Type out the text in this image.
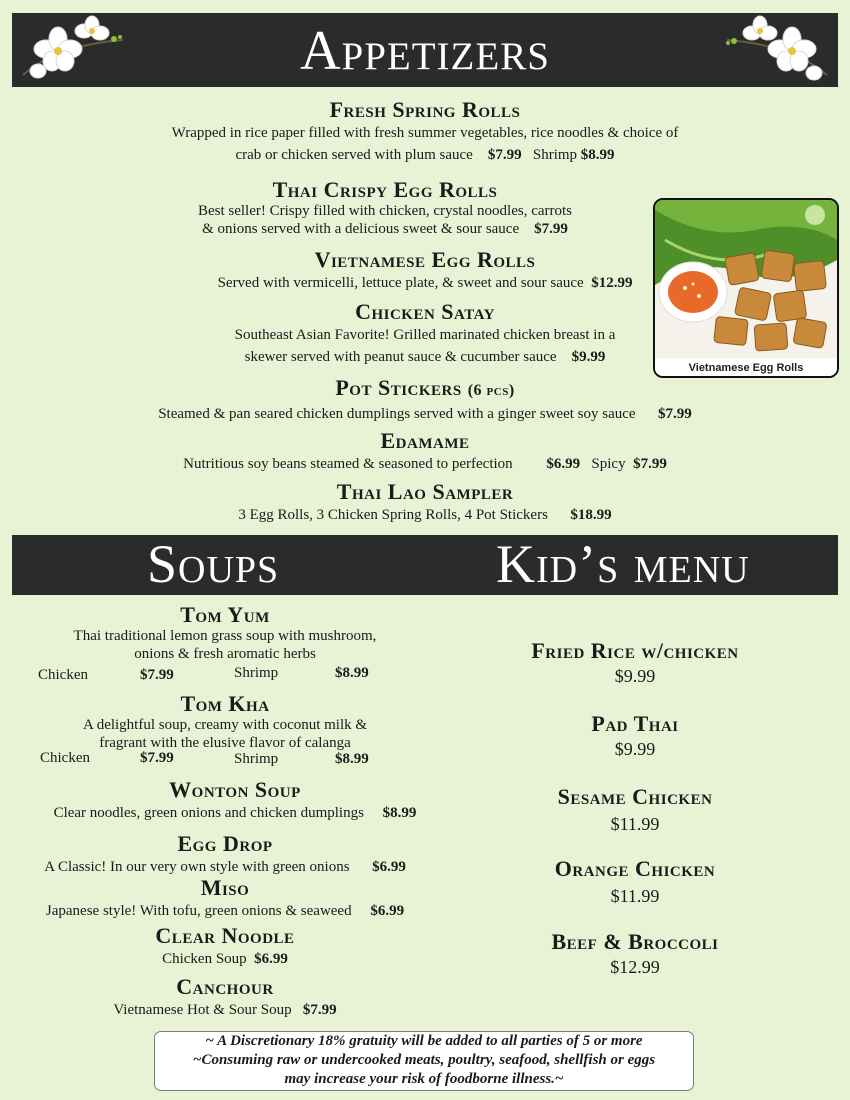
Appetizers
Fresh Spring Rolls
Wrapped in rice paper filled with fresh summer vegetables, rice noodles & choice of
crab or chicken served with plum sauce $7.99 Shrimp $8.99
Thai Crispy Egg Rolls
Best seller! Crispy filled with chicken, crystal noodles, carrots
& onions served with a delicious sweet & sour sauce $7.99
Vietnamese Egg Rolls
Served with vermicelli, lettuce plate, & sweet and sour sauce $12.99
Chicken Satay
Southeast Asian Favorite! Grilled marinated chicken breast in a
skewer served with peanut sauce & cucumber sauce $9.99
Vietnamese Egg Rolls
Pot Stickers (6 pcs)
Steamed & pan seared chicken dumplings served with a ginger sweet soy sauce $7.99
Edamame
Nutritious soy beans steamed & seasoned to perfection $6.99 Spicy $7.99
Thai Lao Sampler
3 Egg Rolls, 3 Chicken Spring Rolls, 4 Pot Stickers $18.99
Soups	Kid’s menu
Tom Yum
Thai traditional lemon grass soup with mushroom,
onions & fresh aromatic herbs
Chicken	$7.99	Shrimp	$8.99
Tom Kha
A delightful soup, creamy with coconut milk &
fragrant with the elusive flavor of calanga
Chicken	$7.99	Shrimp	$8.99
Wonton Soup
Clear noodles, green onions and chicken dumplings $8.99
Egg Drop
A Classic! In our very own style with green onions $6.99
Miso
Japanese style! With tofu, green onions & seaweed $6.99
Clear Noodle
Chicken Soup $6.99
Canchour
Vietnamese Hot & Sour Soup $7.99
Fried Rice w/chicken
$9.99
Pad Thai
$9.99
Sesame Chicken
$11.99
Orange Chicken
$11.99
Beef & Broccoli
$12.99
~ A Discretionary 18% gratuity will be added to all parties of 5 or more
~Consuming raw or undercooked meats, poultry, seafood, shellfish or eggs
may increase your risk of foodborne illness.~
